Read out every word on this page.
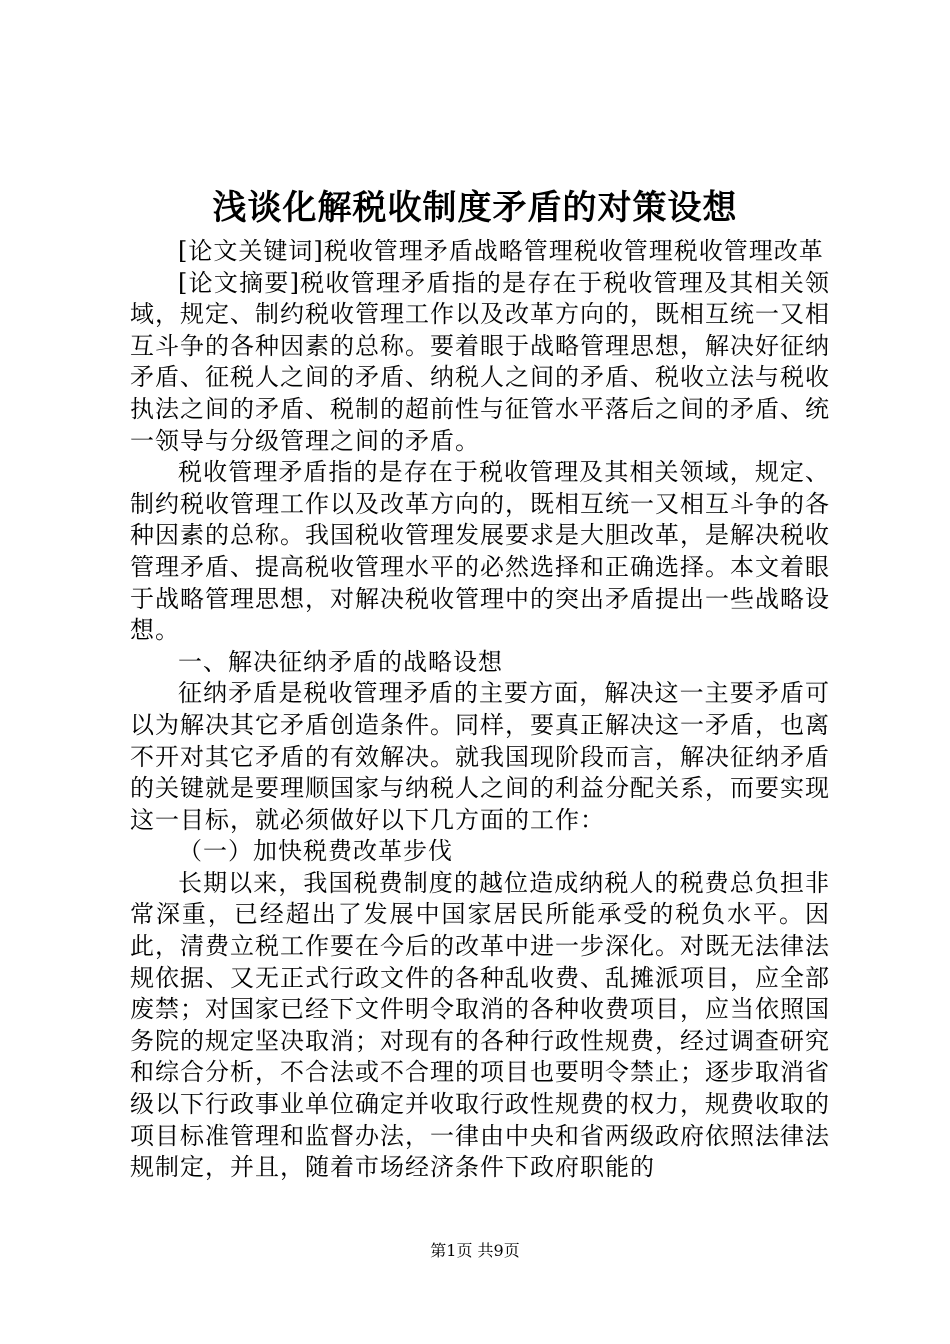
浅谈化解税收制度矛盾的对策设想

[论文关键词]税收管理矛盾战略管理税收管理税收管理改革

[论文摘要]税收管理矛盾指的是存在于税收管理及其相关领域，规定、制约税收管理工作以及改革方向的，既相互统一又相互斗争的各种因素的总称。要着眼于战略管理思想，解决好征纳矛盾、征税人之间的矛盾、纳税人之间的矛盾、税收立法与税收执法之间的矛盾、税制的超前性与征管水平落后之间的矛盾、统一领导与分级管理之间的矛盾。

税收管理矛盾指的是存在于税收管理及其相关领域，规定、制约税收管理工作以及改革方向的，既相互统一又相互斗争的各种因素的总称。我国税收管理发展要求是大胆改革，是解决税收管理矛盾、提高税收管理水平的必然选择和正确选择。本文着眼于战略管理思想，对解决税收管理中的突出矛盾提出一些战略设想。

一、解决征纳矛盾的战略设想

征纳矛盾是税收管理矛盾的主要方面，解决这一主要矛盾可以为解决其它矛盾创造条件。同样，要真正解决这一矛盾，也离不开对其它矛盾的有效解决。就我国现阶段而言，解决征纳矛盾的关键就是要理顺国家与纳税人之间的利益分配关系，而要实现这一目标，就必须做好以下几方面的工作：

（一）加快税费改革步伐

长期以来，我国税费制度的越位造成纳税人的税费总负担非常深重，已经超出了发展中国家居民所能承受的税负水平。因此，清费立税工作要在今后的改革中进一步深化。对既无法律法规依据、又无正式行政文件的各种乱收费、乱摊派项目，应全部废禁；对国家已经下文件明令取消的各种收费项目，应当依照国务院的规定坚决取消；对现有的各种行政性规费，经过调查研究和综合分析，不合法或不合理的项目也要明令禁止；逐步取消省级以下行政事业单位确定并收取行政性规费的权力，规费收取的项目标准管理和监督办法，一律由中央和省两级政府依照法律法规制定，并且，随着市场经济条件下政府职能的

第1页 共9页
